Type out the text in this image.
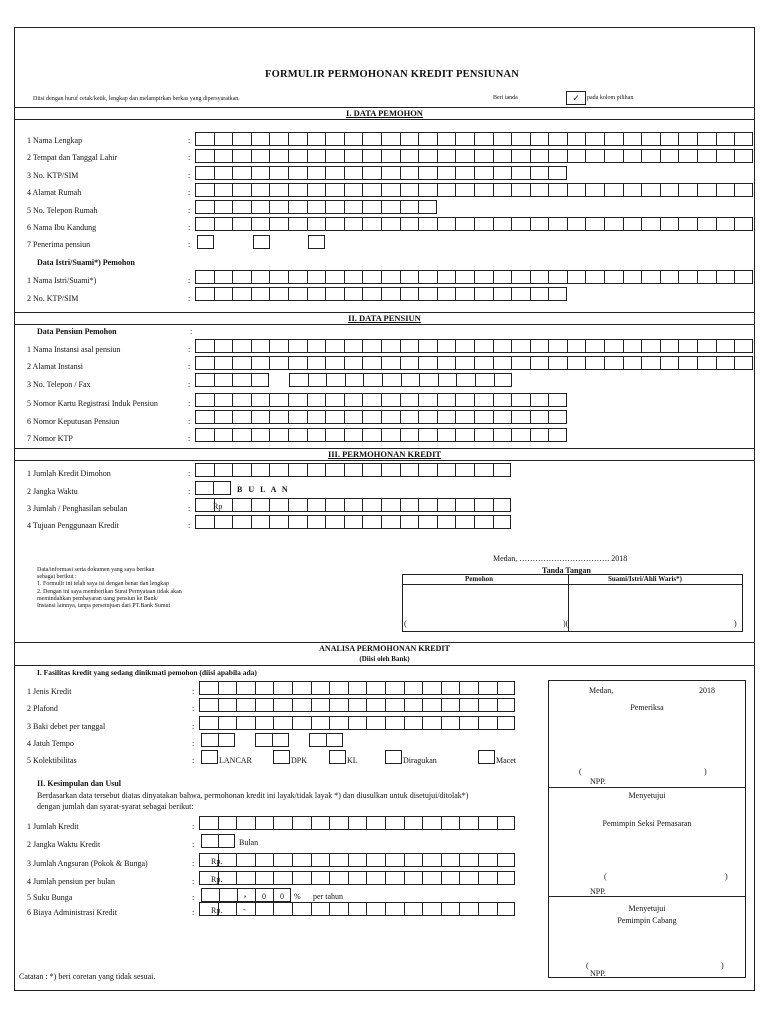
FORMULIR PERMOHONAN KREDIT PENSIUNAN
Diisi dengan huruf cetak/ketik, lengkap dan melampirkan berkas yang dipersyaratkan.	Beri tanda	✓	pada kolom pilihan
I. DATA PEMOHON
1 Nama Lengkap	:
2 Tempat dan Tanggal Lahir	:
3 No. KTP/SIM	:
4 Alamat Rumah	:
5 No. Telepon Rumah	:
6 Nama Ibu Kandung	:
7 Penerima pensiun	:
Data Istri/Suami*) Pemohon
1 Nama Istri/Suami*)	:
2 No. KTP/SIM	:
II. DATA PENSIUN
Data Pensiun Pemohon	:
1 Nama Instansi asal pensiun	:
2 Alamat Instansi	:
3 No. Telepon / Fax	:
5 Nomor Kartu Registrasi Induk Pensiun	:
6 Nomor Keputusan Pensiun	:
7 Nomor KTP	:
III. PERMOHONAN KREDIT
1 Jumlah Kredit Dimohon	:
2 Jangka Waktu	:	B U L A N
3 Jumlah / Penghasilan sebulan	:	Rp
4 Tujuan Penggunaan Kredit	:
Medan, ……………………………. 2018
Tanda Tangan
Data/informasi serta dokumen yang saya berikan
sebagai berikut :
1. Formulir ini telah saya isi dengan benar dan lengkap
2. Dengan ini saya memberikan Surat Pernyataan tidak akan
memindahkan pembayaran uang pensiun ke Bank/
Instansi lainnya, tanpa persetujuan dari PT.Bank Sumut
Pemohon	Suami/Istri/Ahli Waris*)
(	)(	)
ANALISA PERMOHONAN KREDIT
(Diisi oleh Bank)
I. Fasilitas kredit yang sedang dinikmati pemohon (diisi apabila ada)
1 Jenis Kredit	:
2 Plafond	:
3 Baki debet per tanggal	:
4 Jatuh Tempo	:
5 Kolektibilitas	:	LANCAR	DPK	KL	Diragukan	Macet
II. Kesimpulan dan Usul
Berdasarkan data tersebut diatas dinyatakan bahwa, permohonan kredit ini layak/tidak layak *) dan diusulkan untuk disetujui/ditolak*)
dengan jumlah dan syarat-syarat sebagai berikut:
1 Jumlah Kredit	:
2 Jangka Waktu Kredit	:	Bulan
3 Jumlah Angsuran (Pokok & Bunga)	: Rp.
4 Jumlah pensiun per bulan	: Rp.
5 Suku Bunga	:	, 0 0 % per tahun
6 Biaya Administrasi Kredit	: Rp.	-
Medan,	2018
Pemeriksa
(	)
NPP.
Menyetujui
Pemimpin Seksi Pemasaran
(	)
NPP.
Menyetujui
Pemimpin Cabang
(	)
NPP.
Catatan : *) beri coretan yang tidak sesuai.
